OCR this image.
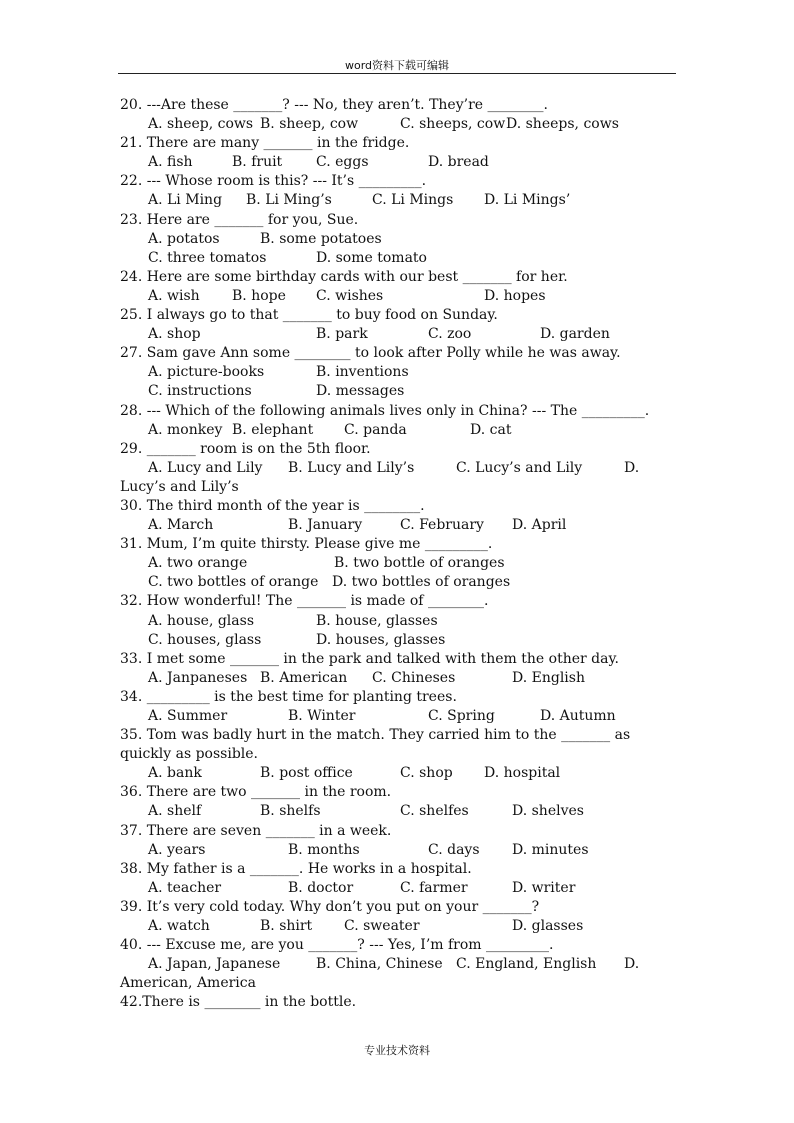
word资料下载可编辑
20. ---Are these _______? --- No, they aren’t. They’re ________.
A. sheep, cows B. sheep, cow	C. sheeps, cow D. sheeps, cows
21. There are many _______ in the fridge.
A. fish	B. fruit C. eggs	D. bread
22. --- Whose room is this? --- It’s _________.
A. Li Ming B. Li Ming’s	C. Li Mings D. Li Mings’
23. Here are _______ for you, Sue.
A. potatos	B. some potatoes
C. three tomatos	D. some tomato
24. Here are some birthday cards with our best _______ for her.
A. wish B. hope C. wishes	D. hopes
25. I always go to that _______ to buy food on Sunday.
A. shop	B. park	C. zoo	D. garden
27. Sam gave Ann some ________ to look after Polly while he was away.
A. picture-books	B. inventions
C. instructions	D. messages
28. --- Which of the following animals lives only in China? --- The _________.
A. monkey B. elephant C. panda	D. cat
29. _______ room is on the 5th floor.
A. Lucy and Lily B. Lucy and Lily’s	C. Lucy’s and Lily	D.
Lucy’s and Lily’s
30. The third month of the year is ________.
A. March	B. January	C. February D. April
31. Mum, I’m quite thirsty. Please give me _________.
A. two orange	B. two bottle of oranges
C. two bottles of orange D. two bottles of oranges
32. How wonderful! The _______ is made of ________.
A. house, glass	B. house, glasses
C. houses, glass	D. houses, glasses
33. I met some _______ in the park and talked with them the other day.
A. Janpaneses B. American C. Chineses	D. English
34. _________ is the best time for planting trees.
A. Summer	B. Winter	C. Spring	D. Autumn
35. Tom was badly hurt in the match. They carried him to the _______ as
quickly as possible.
A. bank	B. post office	C. shop D. hospital
36. There are two _______ in the room.
A. shelf	B. shelfs	C. shelfes	D. shelves
37. There are seven _______ in a week.
A. years	B. months	C. days D. minutes
38. My father is a _______. He works in a hospital.
A. teacher	B. doctor	C. farmer	D. writer
39. It’s very cold today. Why don’t you put on your _______?
A. watch	B. shirt C. sweater	D. glasses
40. --- Excuse me, are you _______? --- Yes, I’m from _________.
A. Japan, Japanese	B. China, Chinese C. England, English D.
American, America
42.There is ________ in the bottle.
专业技术资料
